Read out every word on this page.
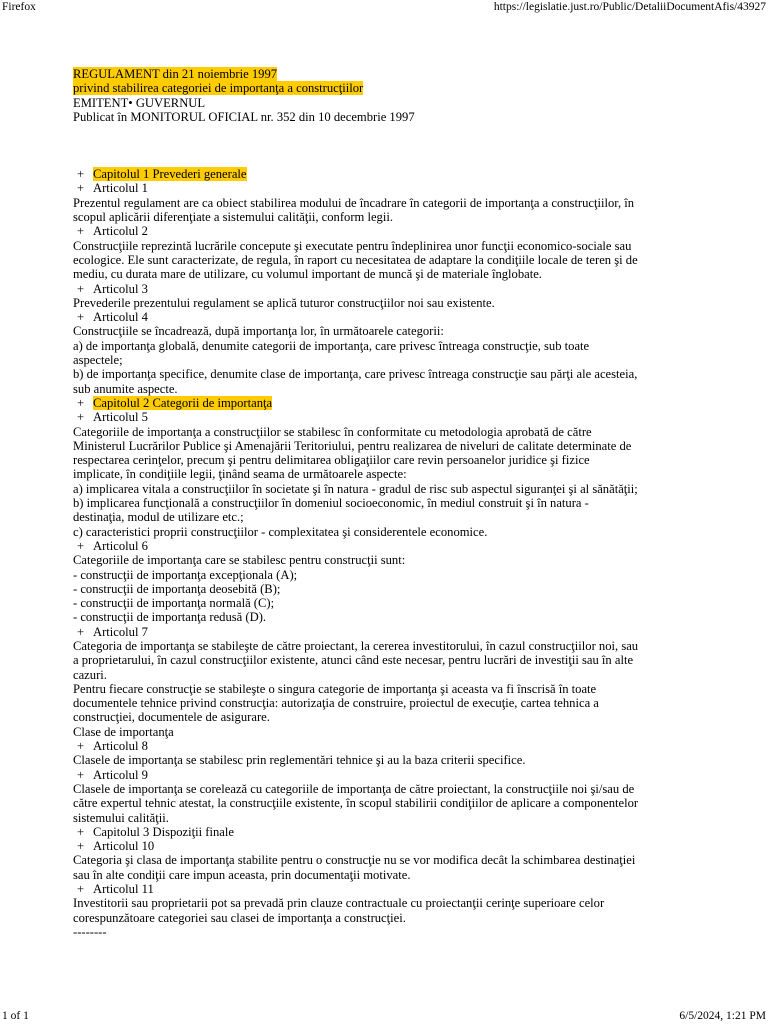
Firefox	https://legislatie.just.ro/Public/DetaliiDocumentAfis/43927
REGULAMENT din 21 noiembrie 1997
privind stabilirea categoriei de importanţa a construcţiilor
EMITENT• GUVERNUL
Publicat în MONITORUL OFICIAL nr. 352 din 10 decembrie 1997
+ Capitolul 1 Prevederi generale
+ Articolul 1
Prezentul regulament are ca obiect stabilirea modului de încadrare în categorii de importanţa a construcţiilor, în
scopul aplicării diferenţiate a sistemului calităţii, conform legii.
+ Articolul 2
Construcţiile reprezintă lucrările concepute şi executate pentru îndeplinirea unor funcţii economico-sociale sau
ecologice. Ele sunt caracterizate, de regula, în raport cu necesitatea de adaptare la condiţiile locale de teren şi de
mediu, cu durata mare de utilizare, cu volumul important de muncă şi de materiale înglobate.
+ Articolul 3
Prevederile prezentului regulament se aplică tuturor construcţiilor noi sau existente.
+ Articolul 4
Construcţiile se încadrează, după importanţa lor, în următoarele categorii:
a) de importanţa globală, denumite categorii de importanţa, care privesc întreaga construcţie, sub toate
aspectele;
b) de importanţa specifice, denumite clase de importanţa, care privesc întreaga construcţie sau părţi ale acesteia,
sub anumite aspecte.
+ Capitolul 2 Categorii de importanţa
+ Articolul 5
Categoriile de importanţa a construcţiilor se stabilesc în conformitate cu metodologia aprobată de către
Ministerul Lucrărilor Publice şi Amenajării Teritoriului, pentru realizarea de niveluri de calitate determinate de
respectarea cerinţelor, precum şi pentru delimitarea obligaţiilor care revin persoanelor juridice şi fizice
implicate, în condiţiile legii, ţinând seama de următoarele aspecte:
a) implicarea vitala a construcţiilor în societate şi în natura - gradul de risc sub aspectul siguranţei şi al sănătăţii;
b) implicarea funcţională a construcţiilor în domeniul socioeconomic, în mediul construit şi în natura -
destinaţia, modul de utilizare etc.;
c) caracteristici proprii construcţiilor - complexitatea şi considerentele economice.
+ Articolul 6
Categoriile de importanţa care se stabilesc pentru construcţii sunt:
- construcţii de importanţa excepţionala (A);
- construcţii de importanţa deosebită (B);
- construcţii de importanţa normală (C);
- construcţii de importanţa redusă (D).
+ Articolul 7
Categoria de importanţa se stabileşte de către proiectant, la cererea investitorului, în cazul construcţiilor noi, sau
a proprietarului, în cazul construcţiilor existente, atunci când este necesar, pentru lucrări de investiţii sau în alte
cazuri.
Pentru fiecare construcţie se stabileşte o singura categorie de importanţa şi aceasta va fi înscrisă în toate
documentele tehnice privind construcţia: autorizaţia de construire, proiectul de execuţie, cartea tehnica a
construcţiei, documentele de asigurare.
Clase de importanţa
+ Articolul 8
Clasele de importanţa se stabilesc prin reglementări tehnice şi au la baza criterii specifice.
+ Articolul 9
Clasele de importanţa se corelează cu categoriile de importanţa de către proiectant, la construcţiile noi şi/sau de
către expertul tehnic atestat, la construcţiile existente, în scopul stabilirii condiţiilor de aplicare a componentelor
sistemului calităţii.
+ Capitolul 3 Dispoziţii finale
+ Articolul 10
Categoria şi clasa de importanţa stabilite pentru o construcţie nu se vor modifica decât la schimbarea destinaţiei
sau în alte condiţii care impun aceasta, prin documentaţii motivate.
+ Articolul 11
Investitorii sau proprietarii pot sa prevadă prin clauze contractuale cu proiectanţii cerinţe superioare celor
corespunzătoare categoriei sau clasei de importanţa a construcţiei.
--------
1 of 1	6/5/2024, 1:21 PM
